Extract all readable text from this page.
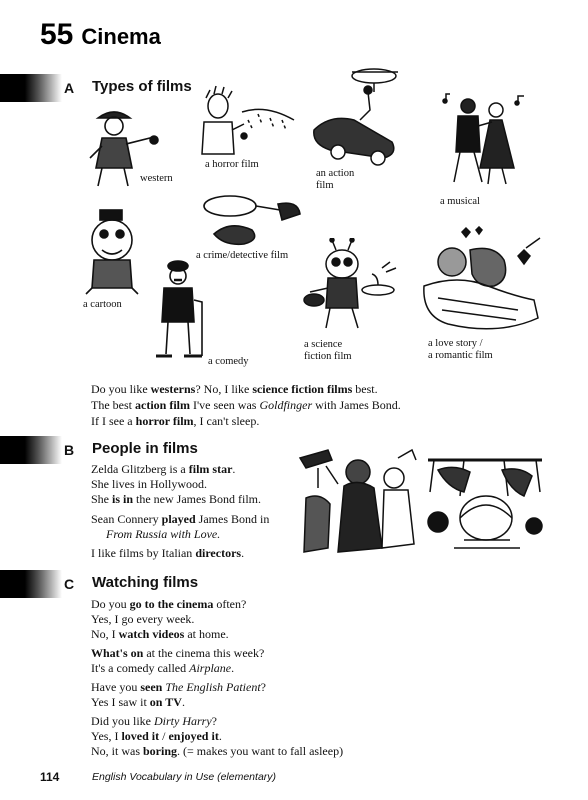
55 Cinema
A Types of films
western
a horror film
an action
film
a musical
a crime/detective film
a cartoon
a comedy
a science
fiction film
a love story /
a romantic film
Do you like westerns? No, I like science fiction films best.
The best action film I've seen was Goldfinger with James Bond.
If I see a horror film, I can't sleep.
B People in films
Zelda Glitzberg is a film star.
She lives in Hollywood.
She is in the new James Bond film.
Sean Connery played James Bond in
From Russia with Love.
I like films by Italian directors.
C Watching films
Do you go to the cinema often?
Yes, I go every week.
No, I watch videos at home.
What's on at the cinema this week?
It's a comedy called Airplane.
Have you seen The English Patient?
Yes I saw it on TV.
Did you like Dirty Harry?
Yes, I loved it / enjoyed it.
No, it was boring. (= makes you want to fall asleep)
114	English Vocabulary in Use (elementary)
